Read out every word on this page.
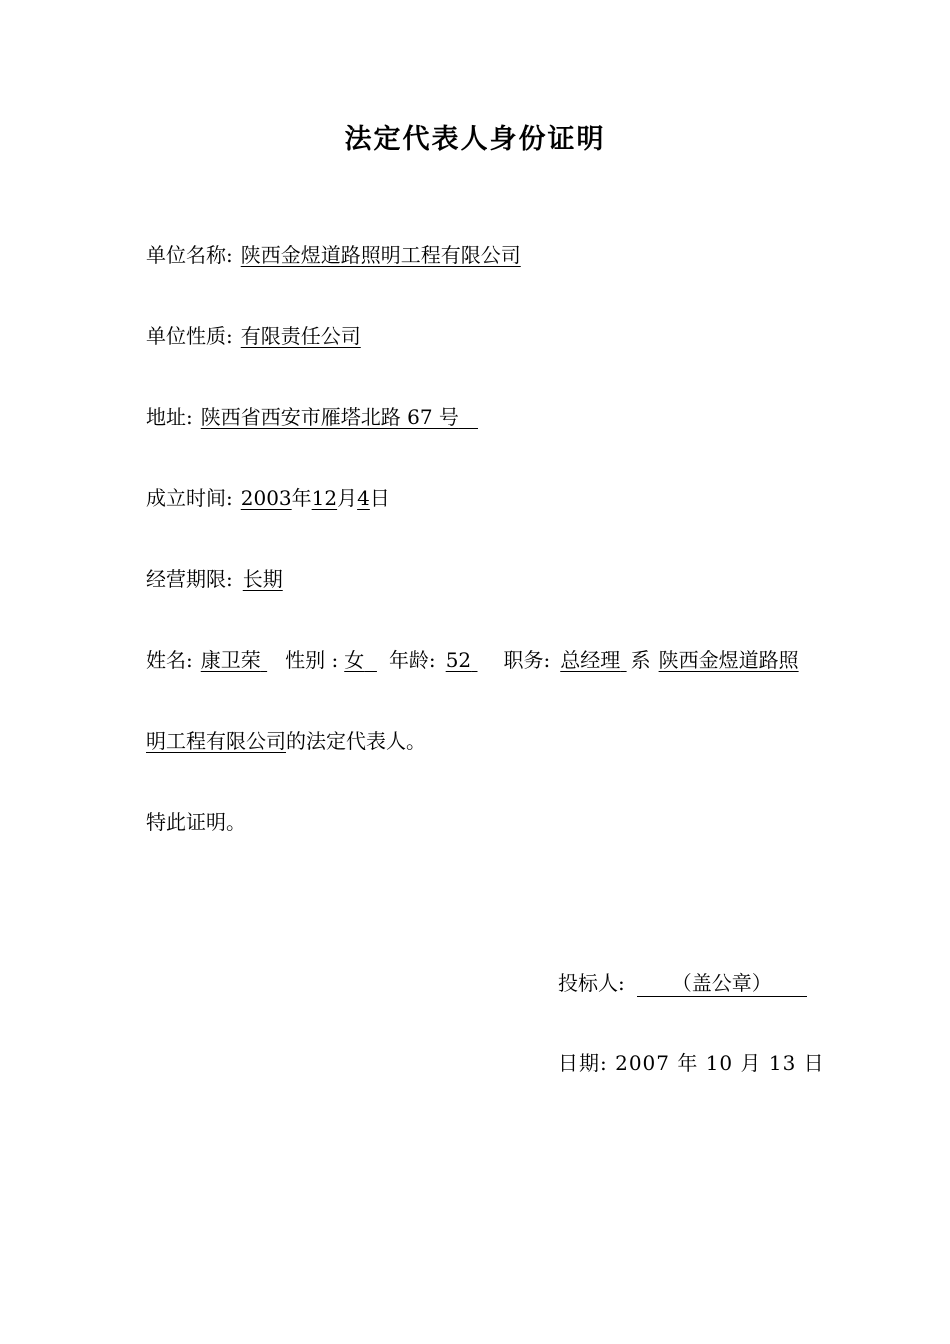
法定代表人身份证明
单位名称: 陕西金煜道路照明工程有限公司
单位性质: 有限责任公司
地址: 陕西省西安市雁塔北路 67 号
成立时间: 2003年12月4日
经营期限: 长期
姓名: 康卫荣 性别 : 女 年龄: 52 职务: 总经理 系 陕西金煜道路照
明工程有限公司的法定代表人。
特此证明。
投标人: （盖公章）
日期: 2007 年 10 月 13 日
